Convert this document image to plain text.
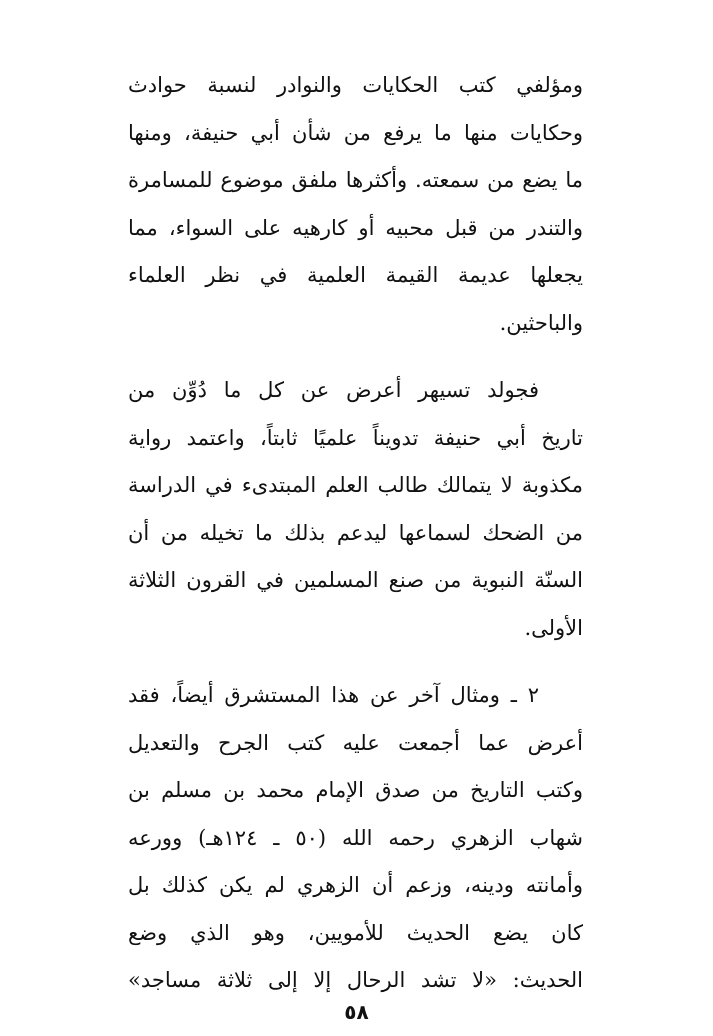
ومؤلفي كتب الحكايات والنوادر لنسبة حوادث
وحكايات منها ما يرفع من شأن أبي حنيفة، ومنها
ما يضع من سمعته. وأكثرها ملفق موضوع للمسامرة
والتندر من قبل محبيه أو كارهيه على السواء، مما
يجعلها عديمة القيمة العلمية في نظر العلماء
والباحثين.

فجولد تسيهر أعرض عن كل ما دُوِّن من
تاريخ أبي حنيفة تدويناً علميًا ثابتاً، واعتمد رواية
مكذوبة لا يتمالك طالب العلم المبتدىء في الدراسة
من الضحك لسماعها ليدعم بذلك ما تخيله من أن
السنّة النبوية من صنع المسلمين في القرون الثلاثة
الأولى.

٢ ـ ومثال آخر عن هذا المستشرق أيضاً، فقد
أعرض عما أجمعت عليه كتب الجرح والتعديل
وكتب التاريخ من صدق الإمام محمد بن مسلم بن
شهاب الزهري رحمه الله (٥٠ ـ ١٢٤هـ) وورعه
وأمانته ودينه، وزعم أن الزهري لم يكن كذلك بل
كان يضع الحديث للأمويين، وهو الذي وضع
الحديث: «لا تشد الرحال إلا إلى ثلاثة مساجد»

٥٨
